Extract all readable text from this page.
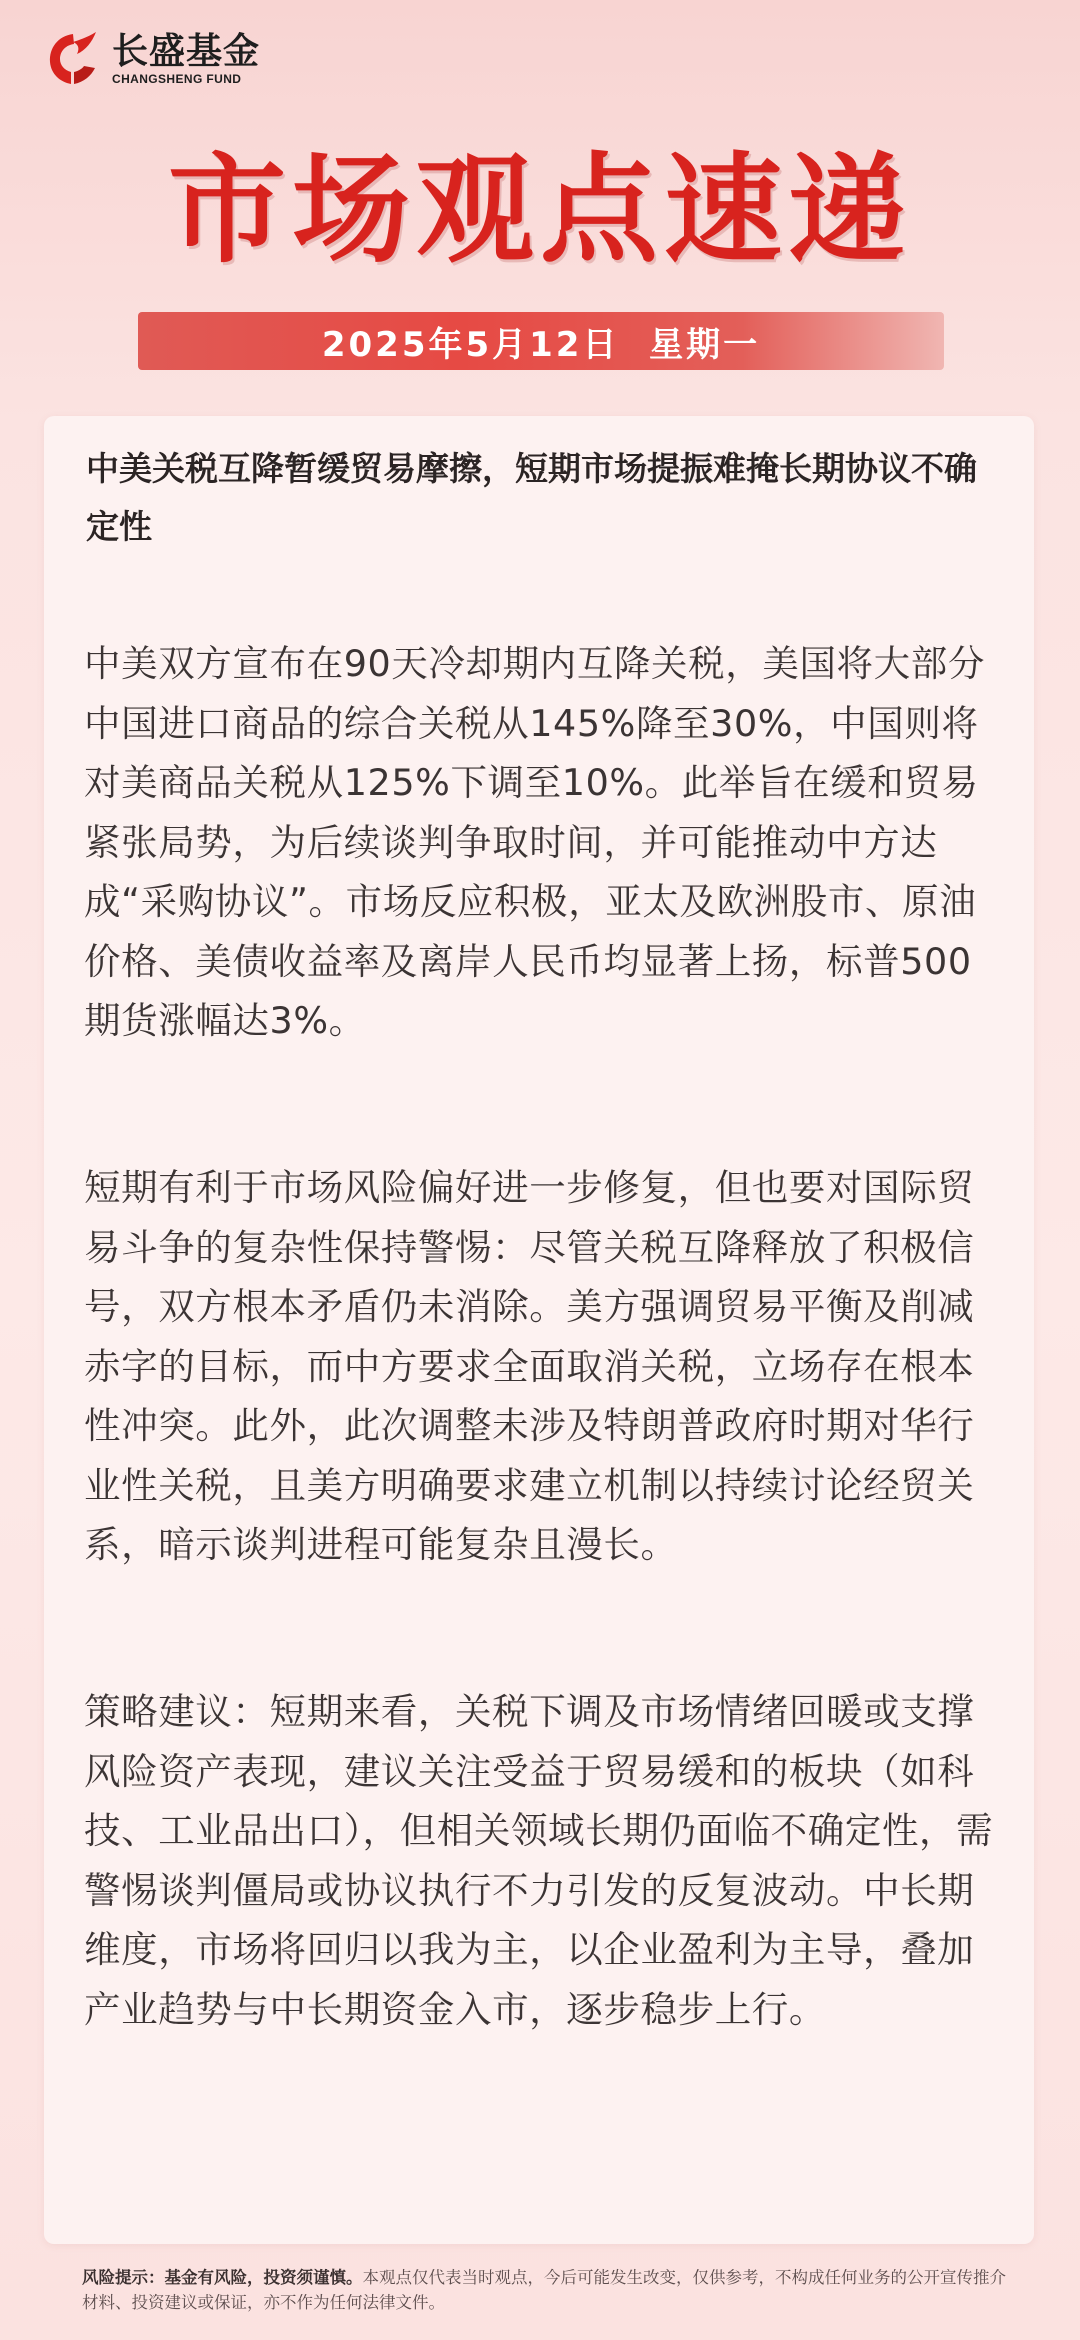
长盛基金
CHANGSHENG FUND
市场观点速递
2025年5月12日  星期一
中美关税互降暂缓贸易摩擦，短期市场提振难掩长期协议不确定性

中美双方宣布在90天冷却期内互降关税，美国将大部分中国进口商品的综合关税从145%降至30%，中国则将对美商品关税从125%下调至10%。此举旨在缓和贸易紧张局势，为后续谈判争取时间，并可能推动中方达成“采购协议”。市场反应积极，亚太及欧洲股市、原油价格、美债收益率及离岸人民币均显著上扬，标普500期货涨幅达3%。

短期有利于市场风险偏好进一步修复，但也要对国际贸易斗争的复杂性保持警惕：尽管关税互降释放了积极信号，双方根本矛盾仍未消除。美方强调贸易平衡及削减赤字的目标，而中方要求全面取消关税，立场存在根本性冲突。此外，此次调整未涉及特朗普政府时期对华行业性关税，且美方明确要求建立机制以持续讨论经贸关系，暗示谈判进程可能复杂且漫长。

策略建议：短期来看，关税下调及市场情绪回暖或支撑风险资产表现，建议关注受益于贸易缓和的板块（如科技、工业品出口），但相关领域长期仍面临不确定性，需警惕谈判僵局或协议执行不力引发的反复波动。中长期维度，市场将回归以我为主，以企业盈利为主导，叠加产业趋势与中长期资金入市，逐步稳步上行。

风险提示：基金有风险，投资须谨慎。本观点仅代表当时观点，今后可能发生改变，仅供参考，不构成任何业务的公开宣传推介材料、投资建议或保证，亦不作为任何法律文件。
